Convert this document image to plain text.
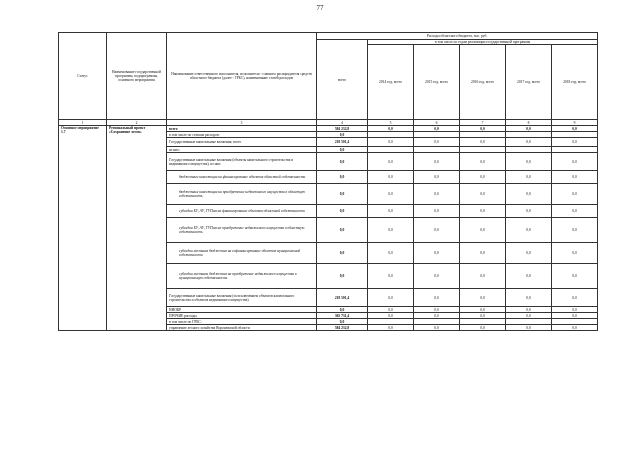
77
Статус	Наименование государственной программы, подпрограммы, основного мероприятия	Наименование ответственного исполнителя, исполнителя - главного распорядителя средств областного бюджета (далее - ГРБС), наименование статей расходов	Расходы областного бюджета, тыс. руб.					
			всего	в том числе по годам реализации государственной программы				
				2014 год, всего	2015 год, всего	2016 год, всего	2017 год, всего	2018 год, всего
1	2	3	4	5	6	7	8	9
Основное мероприятие 1.7	Региональный проект «Сохранение лесов»	всего	584 232,8	0,0	0,0	0,0	0,0	0,0
		в том числе по статьям расходов:	0,0					
		Государственные капитальные вложения, всего	218 501,4	0,0	0,0	0,0	0,0	0,0
		из них:	0,0					
		Государственные капитальные вложения (объекты капитального строительства и недвижимого имущества), из них:	0,0	0,0	0,0	0,0	0,0	0,0
		бюджетные инвестиции на финансирование объектов областной собственности	0,0	0,0	0,0	0,0	0,0	0,0
		бюджетные инвестиции на приобретение недвижимого имущества в областную собственность	0,0	0,0	0,0	0,0	0,0	0,0
		субсидии БУ, АУ, ГУПам на финансирование объектов областной собственности	0,0	0,0	0,0	0,0	0,0	0,0
		субсидии БУ, АУ, ГУПам на приобретение недвижимого имущества в областную собственность	0,0	0,0	0,0	0,0	0,0	0,0
		субсидии местным бюджетам на софинансирование объектов муниципальной собственности	0,0	0,0	0,0	0,0	0,0	0,0
		субсидии местным бюджетам на приобретение недвижимого имущества в муниципальную собственность	0,0	0,0	0,0	0,0	0,0	0,0
		Государственные капитальные вложения (за исключением объектов капитального строительства и объектов недвижимого имущества)	218 501,4	0,0	0,0	0,0	0,0	0,0
		НИОКР	0,0	0,0	0,0	0,0	0,0	0,0
		ПРОЧИЕ расходы	365 731,4	0,0	0,0	0,0	0,0	0,0
		в том числе по ГРБС:	0,0					
		управление лесного хозяйства Воронежской области	584 232,8	0,0	0,0	0,0	0,0	0,0
